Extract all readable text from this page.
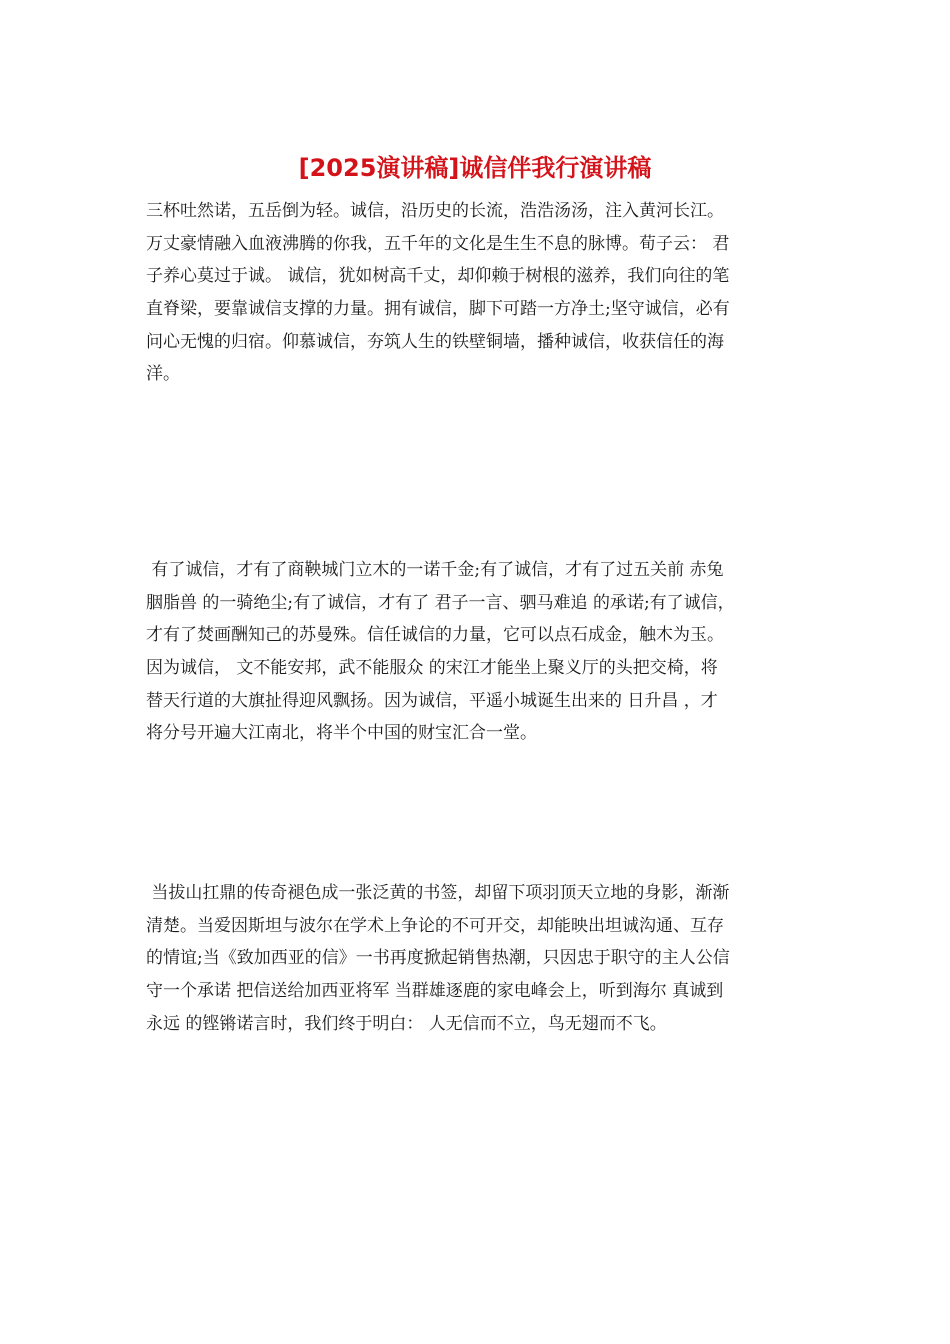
[2025演讲稿]诚信伴我行演讲稿
三杯吐然诺，五岳倒为轻。诚信，沿历史的长流，浩浩汤汤，注入黄河长江。
万丈豪情融入血液沸腾的你我，五千年的文化是生生不息的脉博。荀子云： 君
子养心莫过于诚。 诚信，犹如树高千丈，却仰赖于树根的滋养，我们向往的笔
直脊梁，要靠诚信支撑的力量。拥有诚信，脚下可踏一方净土;坚守诚信，必有
问心无愧的归宿。仰慕诚信，夯筑人生的铁壁铜墙，播种诚信，收获信任的海
洋。
有了诚信，才有了商鞅城门立木的一诺千金;有了诚信，才有了过五关前 赤兔
胭脂兽 的一骑绝尘;有了诚信，才有了 君子一言、驷马难追 的承诺;有了诚信，
才有了焚画酬知己的苏曼殊。信任诚信的力量，它可以点石成金，触木为玉。
因为诚信， 文不能安邦，武不能服众 的宋江才能坐上聚义厅的头把交椅，将
替天行道的大旗扯得迎风飘扬。因为诚信，平遥小城诞生出来的 日升昌 ，才
将分号开遍大江南北，将半个中国的财宝汇合一堂。
当拔山扛鼎的传奇褪色成一张泛黄的书签，却留下项羽顶天立地的身影，渐渐
清楚。当爱因斯坦与波尔在学术上争论的不可开交，却能映出坦诚沟通、互存
的情谊;当《致加西亚的信》一书再度掀起销售热潮，只因忠于职守的主人公信
守一个承诺 把信送给加西亚将军 当群雄逐鹿的家电峰会上，听到海尔 真诚到
永远 的铿锵诺言时，我们终于明白： 人无信而不立，鸟无翅而不飞。
